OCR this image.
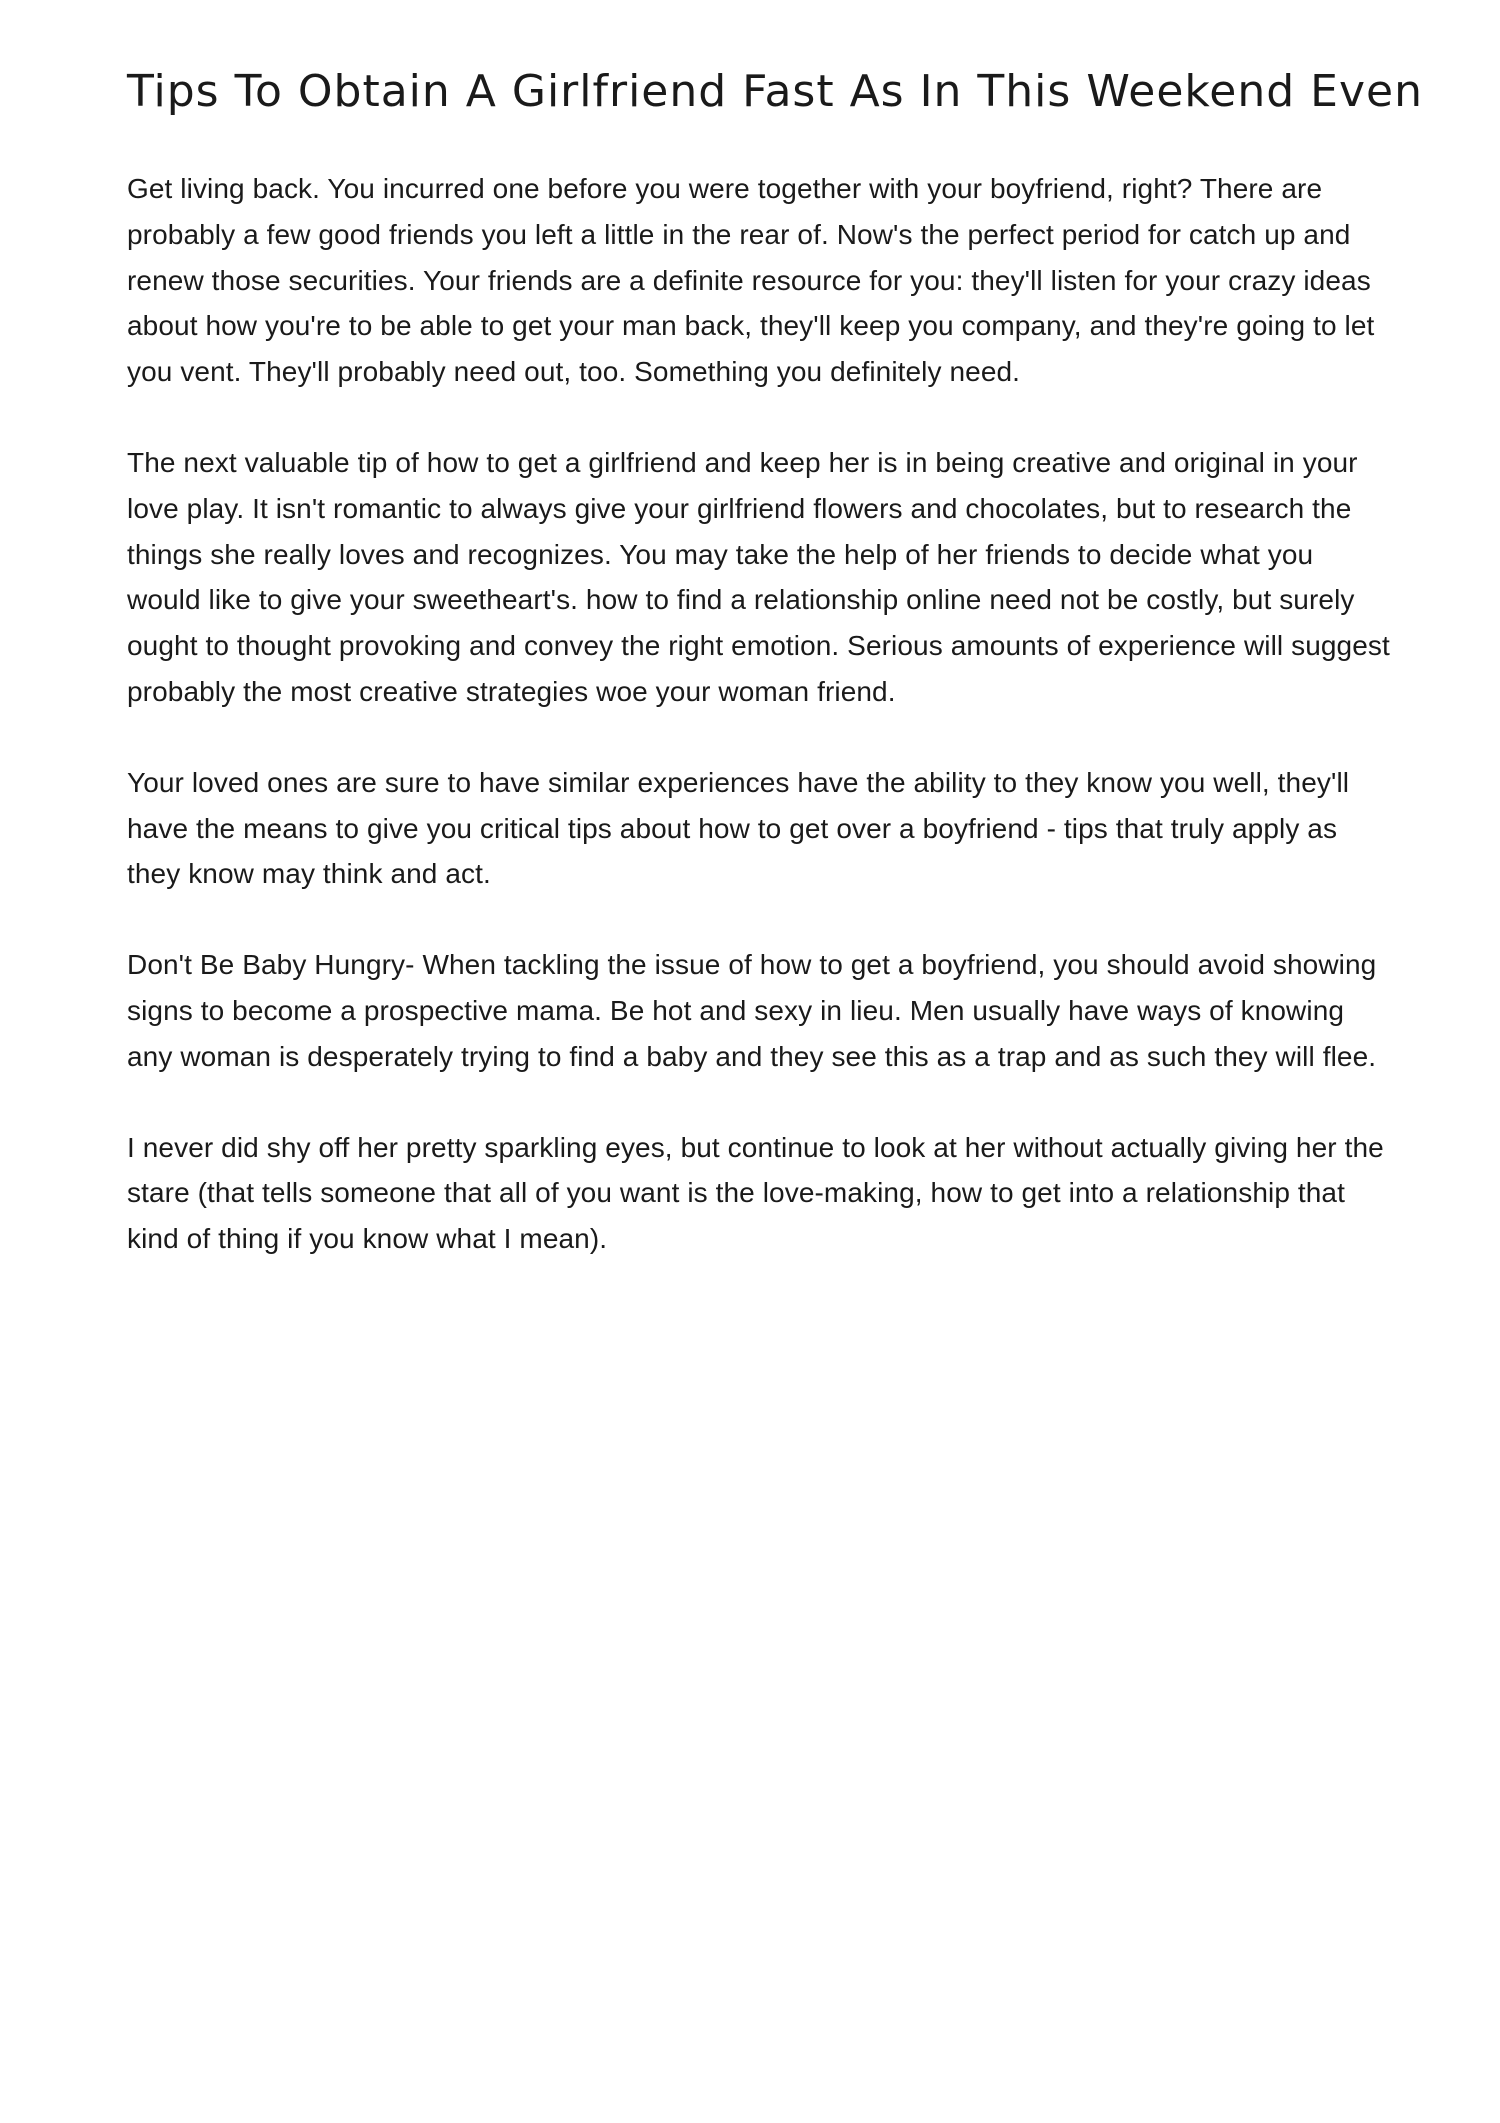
Tips To Obtain A Girlfriend Fast As In This Weekend Even

Get living back. You incurred one before you were together with your boyfriend, right? There are probably a few good friends you left a little in the rear of. Now's the perfect period for catch up and renew those securities. Your friends are a definite resource for you: they'll listen for your crazy ideas about how you're to be able to get your man back, they'll keep you company, and they're going to let you vent. They'll probably need out, too. Something you definitely need.

The next valuable tip of how to get a girlfriend and keep her is in being creative and original in your love play. It isn't romantic to always give your girlfriend flowers and chocolates, but to research the things she really loves and recognizes. You may take the help of her friends to decide what you would like to give your sweetheart's. how to find a relationship online need not be costly, but surely ought to thought provoking and convey the right emotion. Serious amounts of experience will suggest probably the most creative strategies woe your woman friend.

Your loved ones are sure to have similar experiences have the ability to they know you well, they'll have the means to give you critical tips about how to get over a boyfriend - tips that truly apply as they know may think and act.

Don't Be Baby Hungry- When tackling the issue of how to get a boyfriend, you should avoid showing signs to become a prospective mama. Be hot and sexy in lieu. Men usually have ways of knowing any woman is desperately trying to find a baby and they see this as a trap and as such they will flee.

I never did shy off her pretty sparkling eyes, but continue to look at her without actually giving her the stare (that tells someone that all of you want is the love-making, how to get into a relationship that kind of thing if you know what I mean).
